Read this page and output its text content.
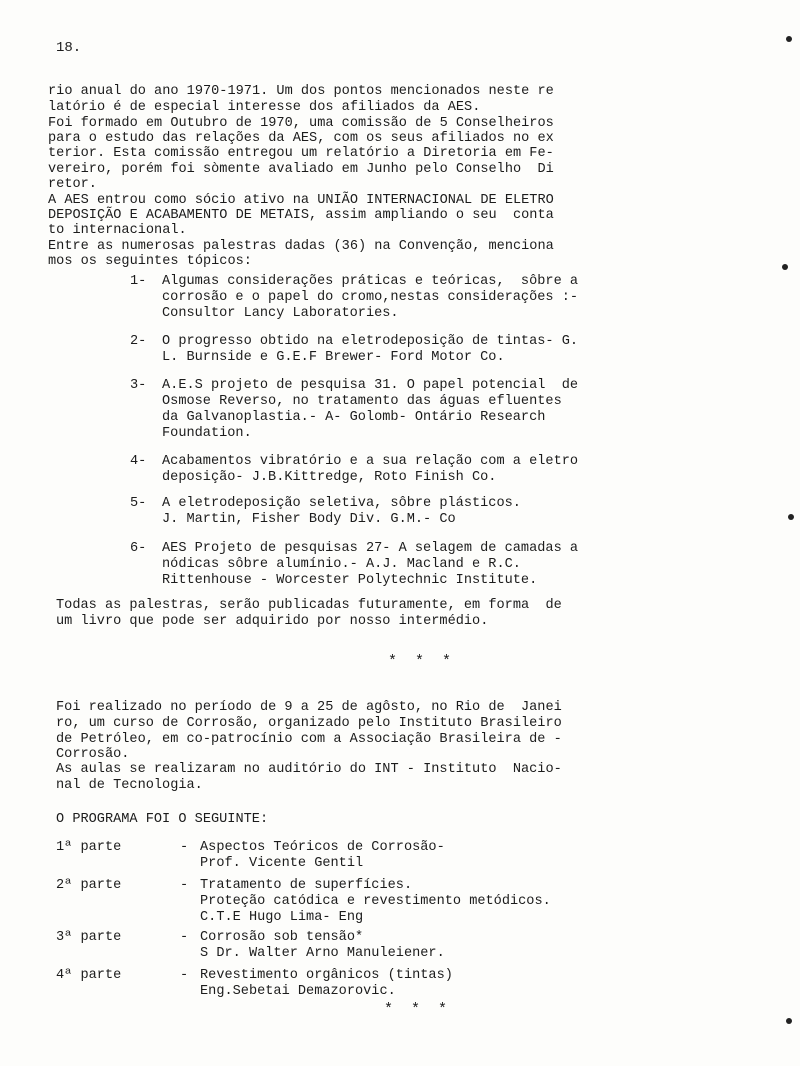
18.
rio anual do ano 1970-1971. Um dos pontos mencionados neste re
latório é de especial interesse dos afiliados da AES.
Foi formado em Outubro de 1970, uma comissão de 5 Conselheiros
para o estudo das relações da AES, com os seus afiliados no ex
terior. Esta comissão entregou um relatório a Diretoria em Fe-
vereiro, porém foi sòmente avaliado em Junho pelo Conselho  Di
retor.
A AES entrou como sócio ativo na UNIÃO INTERNACIONAL DE ELETRO
DEPOSIÇÃO E ACABAMENTO DE METAIS, assim ampliando o seu  conta
to internacional.
Entre as numerosas palestras dadas (36) na Convenção, menciona
mos os seguintes tópicos:
1- Algumas considerações práticas e teóricas,  sôbre a
corrosão e o papel do cromo,nestas considerações :-
Consultor Lancy Laboratories.
2- O progresso obtido na eletrodeposição de tintas- G.
L. Burnside e G.E.F Brewer- Ford Motor Co.
3- A.E.S projeto de pesquisa 31. O papel potencial  de
Osmose Reverso, no tratamento das águas efluentes
da Galvanoplastia.- A- Golomb- Ontário Research
Foundation.
4- Acabamentos vibratório e a sua relação com a eletro
deposição- J.B.Kittredge, Roto Finish Co.
5- A eletrodeposição seletiva, sôbre plásticos.
J. Martin, Fisher Body Div. G.M.- Co
6- AES Projeto de pesquisas 27- A selagem de camadas a
nódicas sôbre alumínio.- A.J. Macland e R.C.
Rittenhouse - Worcester Polytechnic Institute.
Todas as palestras, serão publicadas futuramente, em forma  de
um livro que pode ser adquirido por nosso intermédio.
*  *  *
Foi realizado no período de 9 a 25 de agôsto, no Rio de  Janei
ro, um curso de Corrosão, organizado pelo Instituto Brasileiro
de Petróleo, em co-patrocínio com a Associação Brasileira de -
Corrosão.
As aulas se realizaram no auditório do INT - Instituto  Nacio-
nal de Tecnologia.
O PROGRAMA FOI O SEGUINTE:
1ª parte	- Aspectos Teóricos de Corrosão-
Prof. Vicente Gentil
2ª parte	- Tratamento de superfícies.
Proteção catódica e revestimento metódicos.
C.T.E Hugo Lima- Eng
3ª parte	- Corrosão sob tensão*
S Dr. Walter Arno Manuleiener.
4ª parte	- Revestimento orgânicos (tintas)
Eng.Sebetai Demazorovic.
*  *  *
